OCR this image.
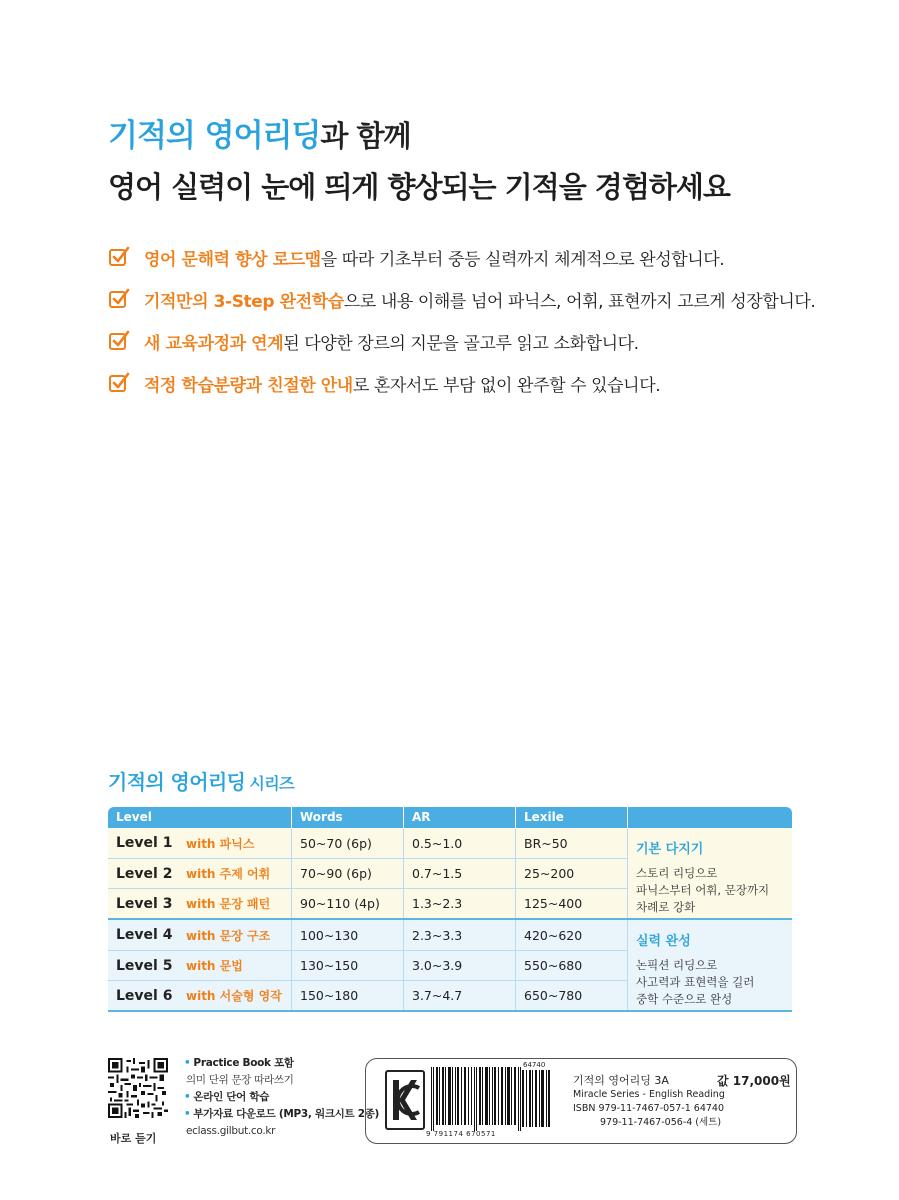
기적의 영어리딩과 함께
영어 실력이 눈에 띄게 향상되는 기적을 경험하세요
영어 문해력 향상 로드맵을 따라 기초부터 중등 실력까지 체계적으로 완성합니다.
기적만의 3-Step 완전학습으로 내용 이해를 넘어 파닉스, 어휘, 표현까지 고르게 성장합니다.
새 교육과정과 연계된 다양한 장르의 지문을 골고루 읽고 소화합니다.
적정 학습분량과 친절한 안내로 혼자서도 부담 없이 완주할 수 있습니다.
기적의 영어리딩 시리즈
Level	Words	AR	Lexile
Level 1	with 파닉스	50~70 (6p)	0.5~1.0	BR~50
Level 2	with 주제 어휘	70~90 (6p)	0.7~1.5	25~200
Level 3	with 문장 패턴	90~110 (4p)	1.3~2.3	125~400
기본 다지기
스토리 리딩으로
파닉스부터 어휘, 문장까지
차례로 강화
Level 4	with 문장 구조	100~130	2.3~3.3	420~620
Level 5	with 문법	130~150	3.0~3.9	550~680
Level 6	with 서술형 영작	150~180	3.7~4.7	650~780
실력 완성
논픽션 리딩으로
사고력과 표현력을 길러
중학 수준으로 완성
바로 듣기
• Practice Book 포함
의미 단위 문장 따라쓰기
• 온라인 단어 학습
• 부가자료 다운로드 (MP3, 워크시트 2종)
eclass.gilbut.co.kr	9 791174 670571
64740
기적의 영어리딩 3A
Miracle Series - English Reading
ISBN 979-11-7467-057-1 64740
979-11-7467-056-4 (세트)
값 17,000원
